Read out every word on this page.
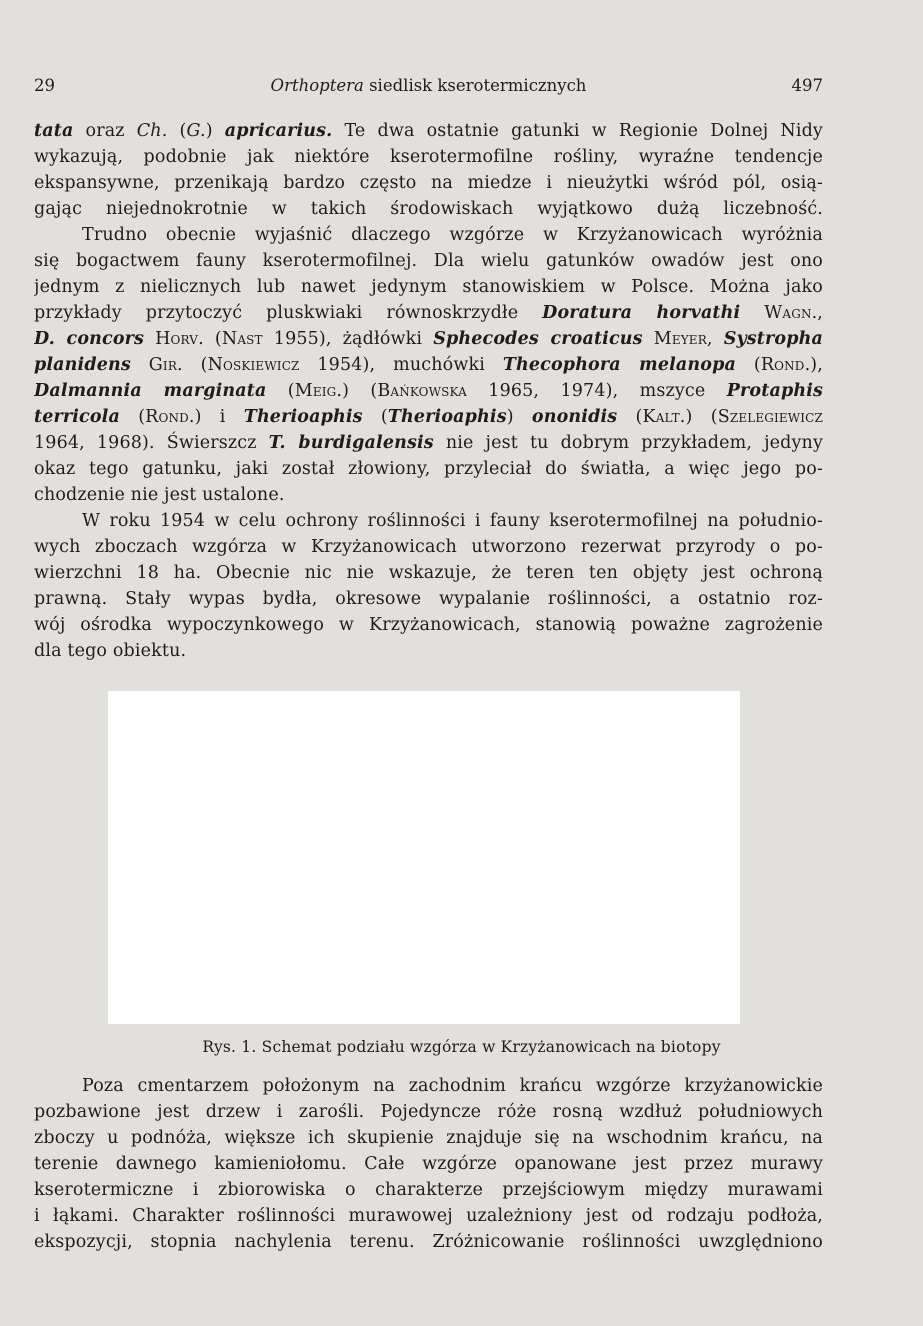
29	Orthoptera siedlisk kserotermicznych	497
tata oraz Ch. (G.) apricarius. Te dwa ostatnie gatunki w Regionie Dolnej Nidy
wykazują, podobnie jak niektóre kserotermofilne rośliny, wyraźne tendencje
ekspansywne, przenikają bardzo często na miedze i nieużytki wśród pól, osią-
gając niejednokrotnie w takich środowiskach wyjątkowo dużą liczebność.
Trudno obecnie wyjaśnić dlaczego wzgórze w Krzyżanowicach wyróżnia
się bogactwem fauny kserotermofilnej. Dla wielu gatunków owadów jest ono
jednym z nielicznych lub nawet jedynym stanowiskiem w Polsce. Można jako
przykłady przytoczyć pluskwiaki równoskrzydłe Doratura horvathi Wagn.,
D. concors Horv. (Nast 1955), żądłówki Sphecodes croaticus Meyer, Systropha
planidens Gir. (Noskiewicz 1954), muchówki Thecophora melanopa (Rond.),
Dalmannia marginata (Meig.) (Bańkowska 1965, 1974), mszyce Protaphis
terricola (Rond.) i Therioaphis (Therioaphis) ononidis (Kalt.) (Szelegiewicz
1964, 1968). Świerszcz T. burdigalensis nie jest tu dobrym przykładem, jedyny
okaz tego gatunku, jaki został złowiony, przyleciał do światła, a więc jego po-
chodzenie nie jest ustalone.
W roku 1954 w celu ochrony roślinności i fauny kserotermofilnej na południo-
wych zboczach wzgórza w Krzyżanowicach utworzono rezerwat przyrody o po-
wierzchni 18 ha. Obecnie nic nie wskazuje, że teren ten objęty jest ochroną
prawną. Stały wypas bydła, okresowe wypalanie roślinności, a ostatnio roz-
wój ośrodka wypoczynkowego w Krzyżanowicach, stanowią poważne zagrożenie
dla tego obiektu.
Rys. 1. Schemat podziału wzgórza w Krzyżanowicach na biotopy
Poza cmentarzem położonym na zachodnim krańcu wzgórze krzyżanowickie
pozbawione jest drzew i zarośli. Pojedyncze róże rosną wzdłuż południowych
zboczy u podnóża, większe ich skupienie znajduje się na wschodnim krańcu, na
terenie dawnego kamieniołomu. Całe wzgórze opanowane jest przez murawy
kserotermiczne i zbiorowiska o charakterze przejściowym między murawami
i łąkami. Charakter roślinności murawowej uzależniony jest od rodzaju podłoża,
ekspozycji, stopnia nachylenia terenu. Zróżnicowanie roślinności uwzględniono
